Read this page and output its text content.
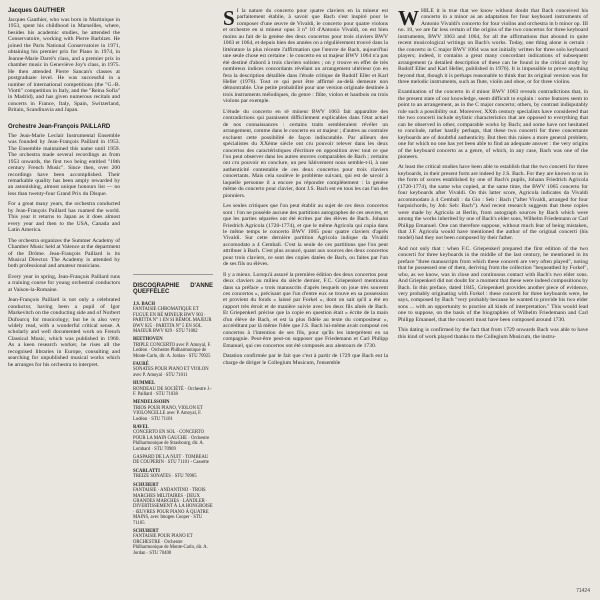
Jacques GAUTHIER

Jacques Gauthier, who was born in Martinique in 1953, spent his childhood in Marseilles, where, besides his academic studies, he attended the Conservatoire, working with Pierre Barbizet. He joined the Paris National Conservatoire in 1971, obtaining his premier prix for Piano in 1974, in Jeanne-Marie Darré's class, and a premier prix in chamber music in Geneviève Joy's class, in 1975. He then attended Pierre Sancan's classes at postgraduate level. He was successful in a number of international competitions (the "G.-B. Viotti" competition in Italy, and the "Reina Sofia" in Madrid), and has given numerous recitals and concerts in France, Italy, Spain, Switzerland, Britain, Scandinavia and Japan.

Orchestre Jean-François PAILLARD

The Jean-Marie Leclair Instrumental Ensemble was founded by Jean-François Paillard in 1953. The Ensemble maintained this name until 1959. The orchestra made several recordings as from 1953 onwards, the first two being entitled "18th century French Music". Since then, over 200 recordings have been accomplished. Their remarkable quality has been amply rewarded by an astonishing, almost unique honours list — no less than twenty-four Grand Prix du Disque.

For a great many years, the orchestra conducted by Jean-François Paillard has roamed the world. This year it returns to Japan as it does almost every year and then to the USA, Canada and Latin America.

The orchestra organizes the Summer Academy of Chamber Music held at Valence at the department of the Drôme. Jean-François Paillard is its Musical Director. The Academy is attended by both professional and amateur musicians.

Every year in spring, Jean-François Paillard runs a training course for young orchestral conductors at Vaison-la-Romaine.

Jean-François Paillard is not only a celebrated conductor, having been a pupil of Igor Markevitch on the conducting side and of Norbert Dufourcq for musicology; but he is also very widely read, with a wonderful critical sense. A scholarly and well documented work on French Classical Music, which was published in 1960. As a keen research worker, he rises all the recognised libraries in Europe, consulting and searching for unpublished musical works which he arranges for his orchestra to interpret.

DISCOGRAPHIE D'ANNE QUEFFÉLEC
J.S. BACH
FANTAISIE CHROMATIQUE ET FUGUE EN RÉ MINEUR BWV 903 · PARTITA N° 1 EN SI BÉMOL MAJEUR BWV 825 · PARTITA N° 5 EN SOL MAJEUR BWV 829 · STU 71082
BEETHOVEN
TRIPLE CONCERTO avec P. Amoyal, F. Lodéon · Orchestre Philharmonique de Monte-Carlo, dir. A. Jordan · STU 70925
FAURÉ
SONATES POUR PIANO ET VIOLON avec P. Amoyal · STU 71011
HUMMEL
RONDEAU DE SOCIÉTÉ · Orchestre J.-F. Paillard · STU 71038
MENDELSSOHN
TRIOS POUR PIANO, VIOLON ET VIOLONCELLE avec P. Amoyal, F. Lodéon · STU 71101
RAVEL
CONCERTO EN SOL · CONCERTO POUR LA MAIN GAUCHE · Orchestre Philharmonique de Strasbourg, dir. A. Lombard · STU 70969
GASPARD DE LA NUIT · TOMBEAU DE COUPERIN · STU 71101 - Cassette
SCARLATTI
TREIZE SONATES · STU 70985
SCHUBERT
FANTAISIE · ANDANTINO · TROIS MARCHES MILITAIRES · DEUX GRANDES MARCHES · LÄNDLER · DIVERTISSEMENT À LA HONGROISE · ŒUVRES POUR PIANO À QUATRE MAINS, avec Imogen Cooper · STU 71105
SCHUBERT
FANTAISIE POUR PIANO ET ORCHESTRE · Orchestre Philharmonique de Monte-Carlo, dir. A. Jordan · STU 70400

S I la nature du concerto pour quatre claviers en la mineur est parfaitement établie, à savoir que Bach s'est inspiré pour le composer d'une œuvre de Vivaldi, le concerto pour quatre violons et orchestre en si mineur opus 3 n° 10 d'Antonio Vivaldi, on est bien moins au fait de la genèse des deux concertos pour trois claviers BWV 1063 et 1064, et depuis bien des années on a régulièrement trouvé dans la littérature la plus récente l'affirmation que l'œuvre de Bach, aujourd'hui une seule chose est certaine : le concerto en ut majeur BWV 1064 n'a pas été destiné d'abord à trois claviers solistes ; on y trouve en effet de très nombreux indices concordants révélant un arrangement ultérieur (on en fera la description détaillée dans l'étude critique de Rudolf Eller et Karl Heller (1976). Tout ce qui peut être affirmé au-delà demeure non démontrable. Une petite probabilité pour une version originale destinée à trois instruments mélodiques, du genre : flûte, violon et hautbois ou trois violons par exemple.

L'étude du concerto en ré mineur BWV 1063 fait apparaître des contradictions qui paraissent difficilement explicables dans l'état actuel de nos connaissances : certains traits sembleraient révéler un arrangement, comme dans le concerto en ut majeur ; d'autres au contraire excluent cette possibilité de façon indiscutable. Par ailleurs des spécialistes du XXème siècle ont cru pouvoir relever dans les deux concertos des caractéristiques d'écriture en opposition avec tout ce que l'on peut observer dans les autres œuvres comparables de Bach ; certains ont cru pouvoir en conclure, un peu hâtivement nous semble-t-il, à une authenticité contestable de ces deux concertos pour trois claviers concertants. Mais cela soulève le problème suivant, qui est de savoir à laquelle personne il a encore pu répondre complètement : la genèse même du concerto pour clavier, dont J.S. Bach est en tous les cas l'un des pionniers.

Les seules critiques que l'on peut établir au sujet de ces deux concertos sont : l'on ne possède aucune des partitions autographes de ces œuvres, et que les parties séparées ont été écrites par des élèves de Bach. Johann Friedrich Agricola (1720-1774), et que le même Agricola qui copia dans le même temps le concerto BWV 1065 pour quatre claviers d'après Vivaldi. Sur cette dernière partition Agricola indique da Vivaldi accomodato a 4 Cembali. C'est la seule de ces partitions que l'on peut attribuer à Bach. C'est plus avancé, quant aux sources des deux concertos pour trois claviers, ce sont des copies datées de Bach, ou faites par l'un de ses fils ou élèves.

Il y a mieux. Lorsqu'à assuré la première édition des deux concertos pour deux claviers au milieu du siècle dernier, F.C. Griepenkerl mentionna dans sa préface « trois manuscrits d'après lesquels on joue très souvent ces concertos », précisant que l'un d'entre eux se trouve en sa possession et provient du fonds « laissé par Forkel », dont on sait qu'il a été en rapport très étroit et de manière suivie avec les deux fils aînés de Bach. Et Griepenkerl précise que la copie en question était « écrite de la main d'un élève de Bach, et est la plus fidèle au texte du compositeur », accréditant par là même l'idée que J.S. Bach lui-même avait composé ces concertos à l'intention de ses fils, pour qu'ils les interprètent en sa compagnie. Peut-être peut-on supposer que Friedemann et Carl Philipp Emanuel, qui ces concertos ont été composés aux alentours de 1730.

Datation confirmée par le fait que c'est à partir de 1729 que Bach eut la charge de diriger le Collegium Musicum, l'ensemble

WHILE it is true that we know without doubt that Bach conceived his concerto in a minor as an adaptation for four keyboard instruments of Antonio Vivaldi's concerto for four violins and orchestra in b minor op. III no. 10, we are far less certain of the origins of the two concertos for three keyboard instruments, BWV 1063 and 1064, for all the affirmations that abound in quite recent musicological writings on Bach's works. Today, one thing alone is certain : the concerto in C major BWV 1064 was not initially written for three solo keyboard players; indeed, it contains a great many concordant indications of subsequent arrangement (a detailed description of these can be found in the critical study by Rudolf Eller and Karl Heller, published in 1976). It is impossible to prove anything beyond that, though it is perhaps reasonable to think that its original version was for three melodic instruments, such as flute, violin and oboe, or for three violins.

Examination of the concerto in d minor BWV 1063 reveals contradictions that, in the present state of our knowledge, seem difficult to explain : some features seem to point to an arrangement, as in the C major concerto; others, by contrast indisputably rule such a possibility out. Moreover, XXth century specialists have considered that the two concerti include stylistic characteristics that are opposed to everything that can be observed in other, comparable works by Bach; and some have not hesitated to conclude, rather hastily perhaps, that these two concerti for three concertante keyboards are of doubtful authenticity. But then this raises a more general problem, one for which no one has yet been able to find an adequate answer : the very origins of the keyboard concerto as a genre, of which, in any case, Bach was one of the pioneers.

At least the critical studies have been able to establish that the two concerti for three keyboards, in their present form are indeed by J.S. Bach. For they are known to us in the form of scores established by one of Bach's pupils, Johann Friedrich Agricola (1720-1774), the same who copied, at the same time, the BWV 1065 concerto for four keyboards after Vivaldi. On this latter score, Agricola indicates da Vivaldi accommodato à 4 Cembali : da Gio : Seb : Bach ("after Vivaldi, arranged for four harpsichords, by Joh: Seb: Bach"). And recent research suggests that these copies were made by Agricola at Berlin, from autograph sources by Bach which were among the works inherited by one of Bach's elder sons, Wilhelm Friedemann or Carl Philipp Emanuel. One can therefore suppose, without much fear of being mistaken, that J.F. Agricola would have mentioned the author of the original concerti (his model) had they not been composed by their father.

And not only that : when F.C. Griepenkerl prepared the first edition of the two concerti for three keyboards in the middle of the last century, he mentioned in its preface "three manuscripts from which these concerti are very often played", noting that he possessed one of them, deriving from the collection "bequeathed by Forkel", who, as we know, was in close and continuous contact with Bach's two elder sons. And Griepenkerl did not doubt for a moment that these were indeed compositions by Bach. In this preface, dated 1845, Griepenkerl provides another piece of evidence, very probably originating with Forkel : these concerti for three keyboards were, he says, composed by Bach "very probably because he wanted to provide his two elder sons ... with an opportunity to practise all kinds of interpretation." This would lead one to suppose, on the basis of the biographies of Wilhelm Friedemann and Carl Philipp Emanuel, that the concerti must have been composed around 1730.

This dating is confirmed by the fact that from 1729 onwards Bach was able to have this kind of work played thanks to the Collegium Musicum, the instru-

71424
